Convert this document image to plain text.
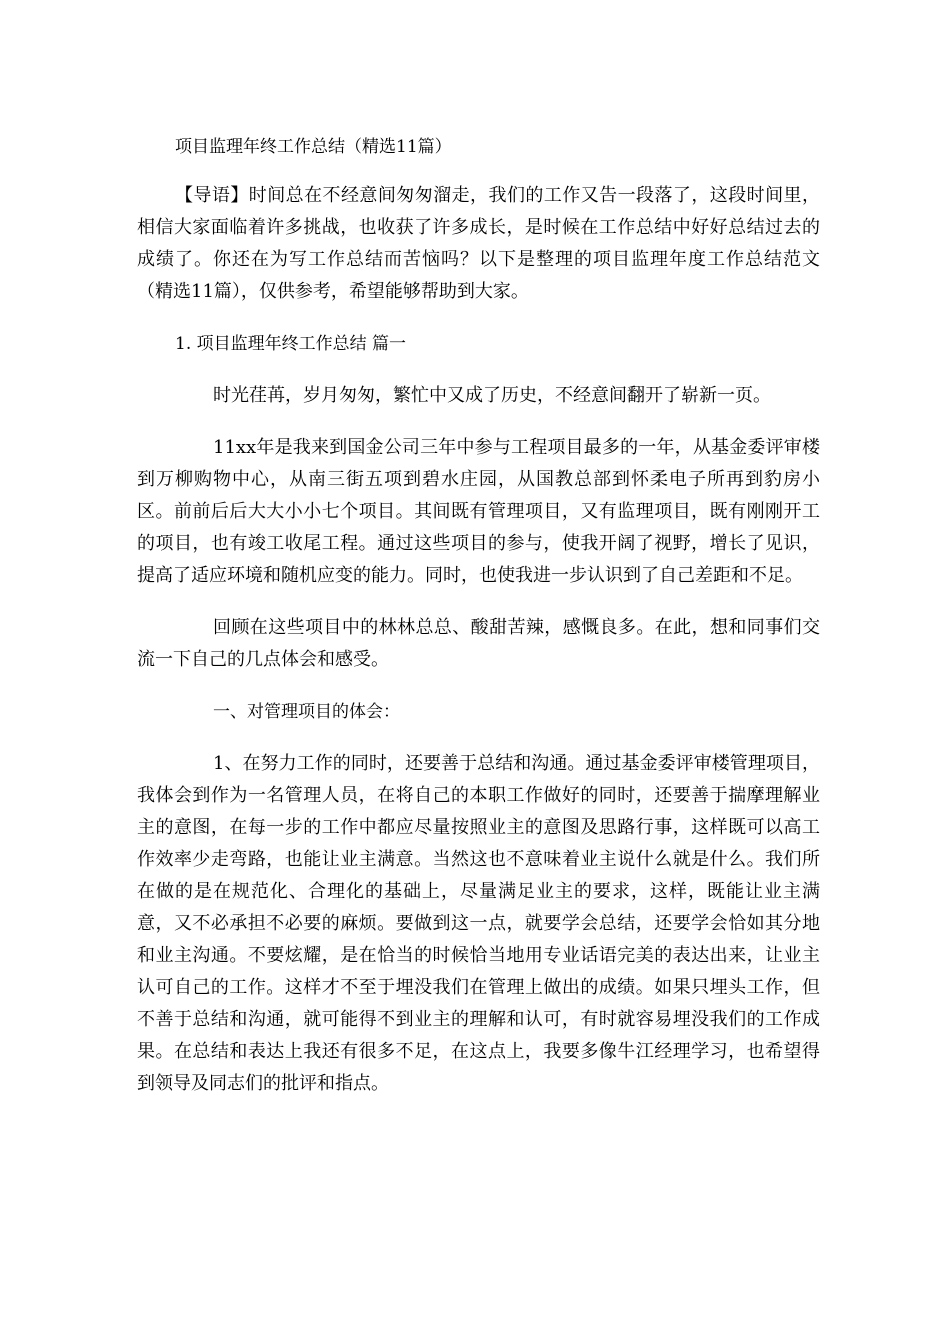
项目监理年终工作总结（精选11篇）

【导语】时间总在不经意间匆匆溜走，我们的工作又告一段落了，这段时间里，相信大家面临着许多挑战，也收获了许多成长，是时候在工作总结中好好总结过去的成绩了。你还在为写工作总结而苦恼吗？以下是整理的项目监理年度工作总结范文（精选11篇），仅供参考，希望能够帮助到大家。

1. 项目监理年终工作总结 篇一

时光荏苒，岁月匆匆，繁忙中又成了历史，不经意间翻开了崭新一页。

11xx年是我来到国金公司三年中参与工程项目最多的一年，从基金委评审楼到万柳购物中心，从南三街五项到碧水庄园，从国教总部到怀柔电子所再到豹房小区。前前后后大大小小七个项目。其间既有管理项目，又有监理项目，既有刚刚开工的项目，也有竣工收尾工程。通过这些项目的参与，使我开阔了视野，增长了见识，提高了适应环境和随机应变的能力。同时，也使我进一步认识到了自己差距和不足。

回顾在这些项目中的林林总总、酸甜苦辣，感慨良多。在此，想和同事们交流一下自己的几点体会和感受。

一、对管理项目的体会：

1、在努力工作的同时，还要善于总结和沟通。通过基金委评审楼管理项目，我体会到作为一名管理人员，在将自己的本职工作做好的同时，还要善于揣摩理解业主的意图，在每一步的工作中都应尽量按照业主的意图及思路行事，这样既可以高工作效率少走弯路，也能让业主满意。当然这也不意味着业主说什么就是什么。我们所在做的是在规范化、合理化的基础上，尽量满足业主的要求，这样，既能让业主满意，又不必承担不必要的麻烦。要做到这一点，就要学会总结，还要学会恰如其分地和业主沟通。不要炫耀，是在恰当的时候恰当地用专业话语完美的表达出来，让业主认可自己的工作。这样才不至于埋没我们在管理上做出的成绩。如果只埋头工作，但不善于总结和沟通，就可能得不到业主的理解和认可，有时就容易埋没我们的工作成果。在总结和表达上我还有很多不足，在这点上，我要多像牛江经理学习，也希望得到领导及同志们的批评和指点。
